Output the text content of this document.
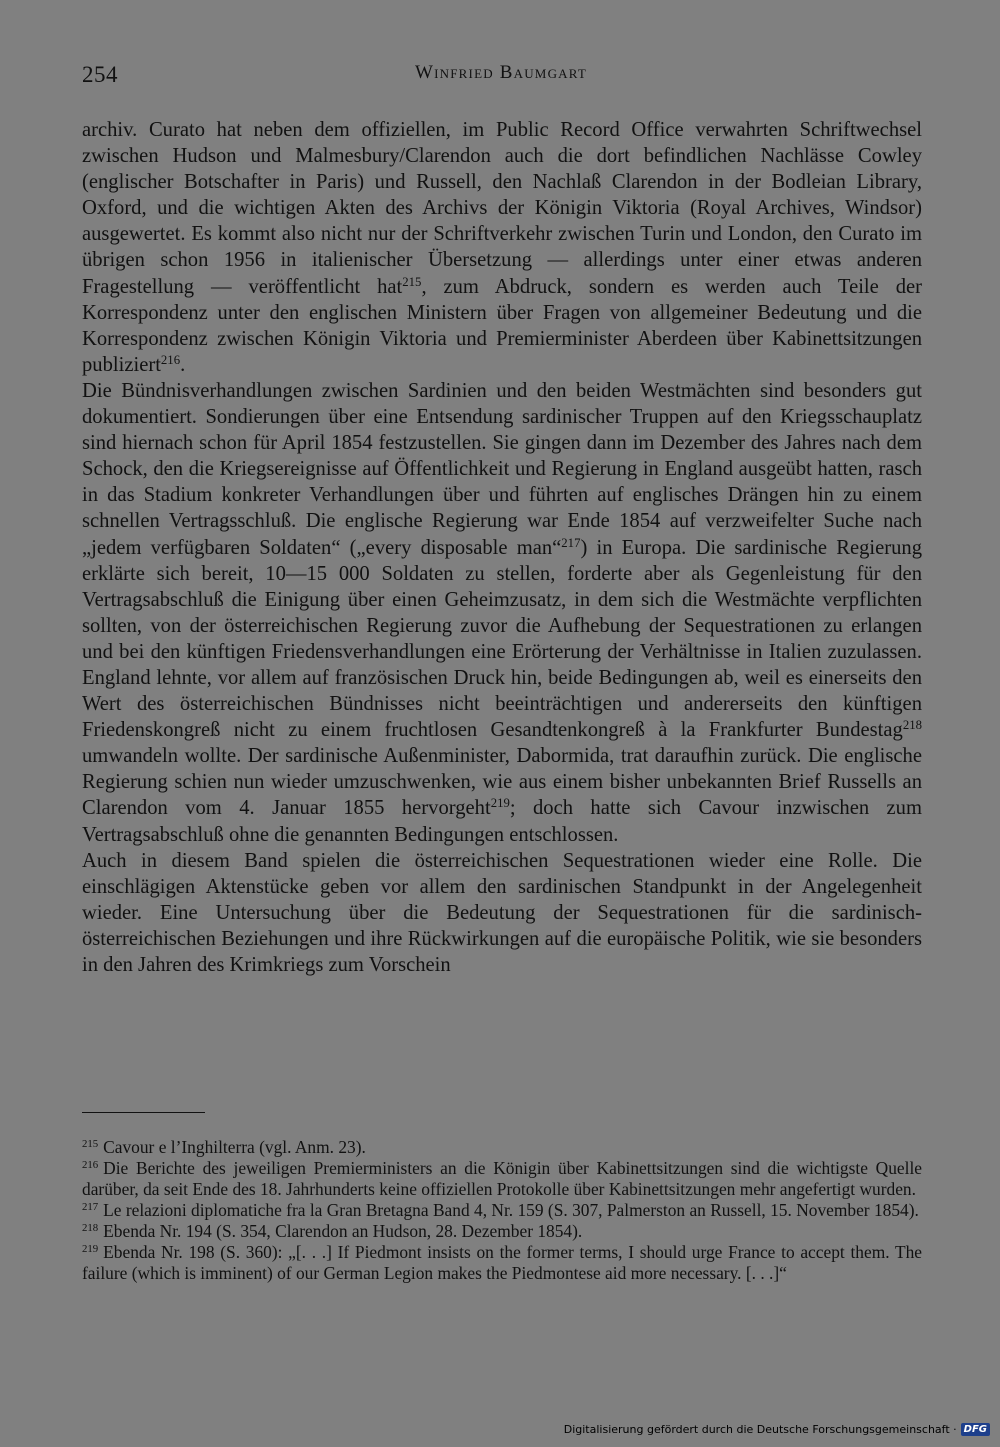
254	Winfried Baumgart

archiv. Curato hat neben dem offiziellen, im Public Record Office verwahrten Schriftwechsel zwischen Hudson und Malmesbury/Clarendon auch die dort befindlichen Nachlässe Cowley (englischer Botschafter in Paris) und Russell, den Nachlaß Clarendon in der Bodleian Library, Oxford, und die wichtigen Akten des Archivs der Königin Viktoria (Royal Archives, Windsor) ausgewertet. Es kommt also nicht nur der Schriftverkehr zwischen Turin und London, den Curato im übrigen schon 1956 in italienischer Übersetzung — allerdings unter einer etwas anderen Fragestellung — veröffentlicht hat$^{215}$, zum Abdruck, sondern es werden auch Teile der Korrespondenz unter den englischen Ministern über Fragen von allgemeiner Bedeutung und die Korrespondenz zwischen Königin Viktoria und Premierminister Aberdeen über Kabinettsitzungen publiziert$^{216}$.

Die Bündnisverhandlungen zwischen Sardinien und den beiden Westmächten sind besonders gut dokumentiert. Sondierungen über eine Entsendung sardinischer Truppen auf den Kriegsschauplatz sind hiernach schon für April 1854 festzustellen. Sie gingen dann im Dezember des Jahres nach dem Schock, den die Kriegsereignisse auf Öffentlichkeit und Regierung in England ausgeübt hatten, rasch in das Stadium konkreter Verhandlungen über und führten auf englisches Drängen hin zu einem schnellen Vertragsschluß. Die englische Regierung war Ende 1854 auf verzweifelter Suche nach „jedem verfügbaren Soldaten“ („every disposable man“$^{217}$) in Europa. Die sardinische Regierung erklärte sich bereit, 10—15 000 Soldaten zu stellen, forderte aber als Gegenleistung für den Vertragsabschluß die Einigung über einen Geheimzusatz, in dem sich die Westmächte verpflichten sollten, von der österreichischen Regierung zuvor die Aufhebung der Sequestrationen zu erlangen und bei den künftigen Friedensverhandlungen eine Erörterung der Verhältnisse in Italien zuzulassen. England lehnte, vor allem auf französischen Druck hin, beide Bedingungen ab, weil es einerseits den Wert des österreichischen Bündnisses nicht beeinträchtigen und andererseits den künftigen Friedenskongreß nicht zu einem fruchtlosen Gesandtenkongreß à la Frankfurter Bundestag$^{218}$ umwandeln wollte. Der sardinische Außenminister, Dabormida, trat daraufhin zurück. Die englische Regierung schien nun wieder umzuschwenken, wie aus einem bisher unbekannten Brief Russells an Clarendon vom 4. Januar 1855 hervorgeht$^{219}$; doch hatte sich Cavour inzwischen zum Vertragsabschluß ohne die genannten Bedingungen entschlossen.

Auch in diesem Band spielen die österreichischen Sequestrationen wieder eine Rolle. Die einschlägigen Aktenstücke geben vor allem den sardinischen Standpunkt in der Angelegenheit wieder. Eine Untersuchung über die Bedeutung der Sequestrationen für die sardinisch-österreichischen Beziehungen und ihre Rückwirkungen auf die europäische Politik, wie sie besonders in den Jahren des Krimkriegs zum Vorschein

$^{215}$ Cavour e l’Inghilterra (vgl. Anm. 23).

$^{216}$ Die Berichte des jeweiligen Premierministers an die Königin über Kabinettsitzungen sind die wichtigste Quelle darüber, da seit Ende des 18. Jahrhunderts keine offiziellen Protokolle über Kabinettsitzungen mehr angefertigt wurden.

$^{217}$ Le relazioni diplomatiche fra la Gran Bretagna Band 4, Nr. 159 (S. 307, Palmerston an Russell, 15. November 1854).

$^{218}$ Ebenda Nr. 194 (S. 354, Clarendon an Hudson, 28. Dezember 1854).

$^{219}$ Ebenda Nr. 198 (S. 360): „[. . .] If Piedmont insists on the former terms, I should urge France to accept them. The failure (which is imminent) of our German Legion makes the Piedmontese aid more necessary. [. . .]“

Digitalisierung gefördert durch die Deutsche Forschungsgemeinschaft · DFG
